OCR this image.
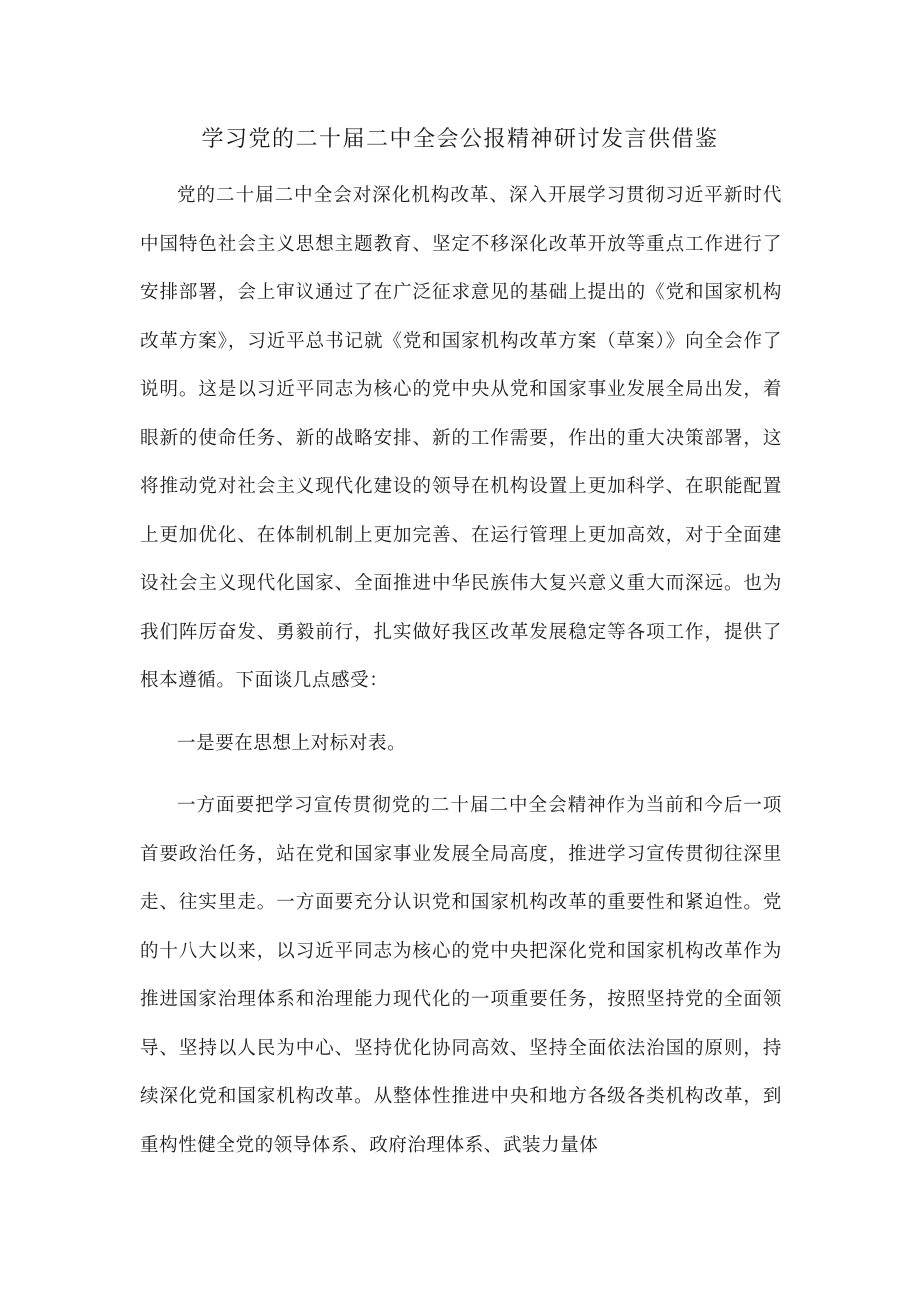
学习党的二十届二中全会公报精神研讨发言供借鉴

党的二十届二中全会对深化机构改革、深入开展学习贯彻习近平新时代中国特色社会主义思想主题教育、坚定不移深化改革开放等重点工作进行了安排部署，会上审议通过了在广泛征求意见的基础上提出的《党和国家机构改革方案》，习近平总书记就《党和国家机构改革方案（草案）》向全会作了说明。这是以习近平同志为核心的党中央从党和国家事业发展全局出发，着眼新的使命任务、新的战略安排、新的工作需要，作出的重大决策部署，这将推动党对社会主义现代化建设的领导在机构设置上更加科学、在职能配置上更加优化、在体制机制上更加完善、在运行管理上更加高效，对于全面建设社会主义现代化国家、全面推进中华民族伟大复兴意义重大而深远。也为我们阵厉奋发、勇毅前行，扎实做好我区改革发展稳定等各项工作，提供了根本遵循。下面谈几点感受：

一是要在思想上对标对表。

一方面要把学习宣传贯彻党的二十届二中全会精神作为当前和今后一项首要政治任务，站在党和国家事业发展全局高度，推进学习宣传贯彻往深里走、往实里走。一方面要充分认识党和国家机构改革的重要性和紧迫性。党的十八大以来，以习近平同志为核心的党中央把深化党和国家机构改革作为推进国家治理体系和治理能力现代化的一项重要任务，按照坚持党的全面领导、坚持以人民为中心、坚持优化协同高效、坚持全面依法治国的原则，持续深化党和国家机构改革。从整体性推进中央和地方各级各类机构改革，到重构性健全党的领导体系、政府治理体系、武装力量体
